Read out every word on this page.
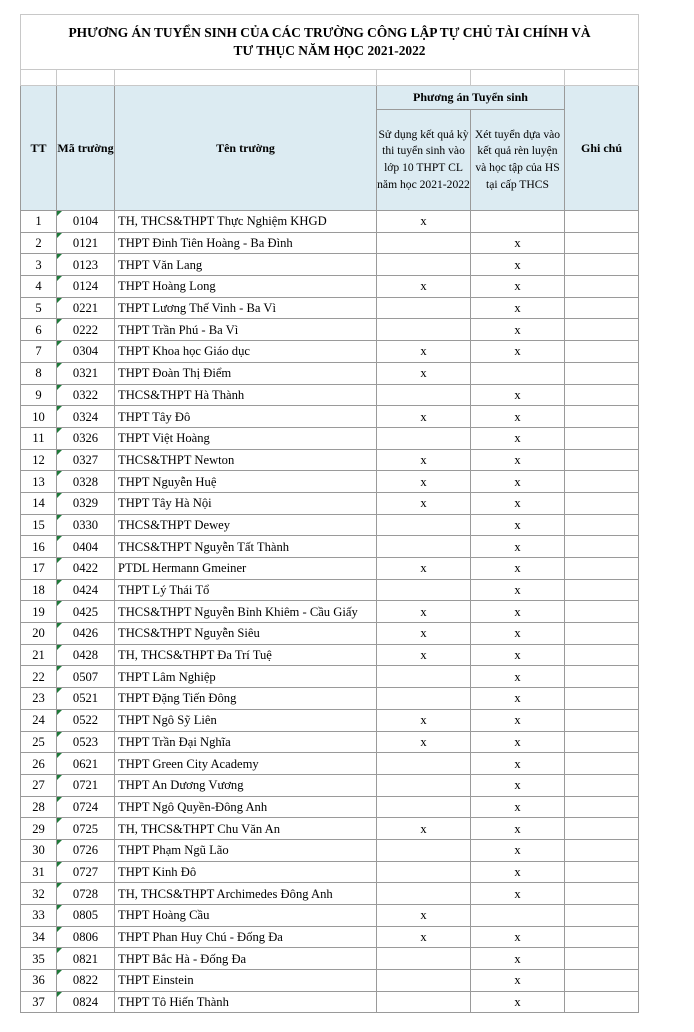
PHƯƠNG ÁN TUYỂN SINH CỦA CÁC TRƯỜNG CÔNG LẬP TỰ CHỦ TÀI CHÍNH VÀ
TƯ THỤC NĂM HỌC 2021-2022					

TT	Mã trường	Tên trường	Phương án Tuyển sinh		Ghi chú
			Sử dụng kết quả kỳ thi tuyển sinh vào lớp 10 THPT CL năm học 2021-2022	Xét tuyển dựa vào kết quả rèn luyện và học tập của HS tại cấp THCS	
1	0104	TH, THCS&THPT Thực Nghiệm KHGD	x		
2	0121	THPT Đinh Tiên Hoàng - Ba Đình		x	
3	0123	THPT Văn Lang		x	
4	0124	THPT Hoàng Long	x	x	
5	0221	THPT Lương Thế Vinh - Ba Vì		x	
6	0222	THPT Trần Phú - Ba Vì		x	
7	0304	THPT Khoa học Giáo dục	x	x	
8	0321	THPT Đoàn Thị Điểm	x		
9	0322	THCS&THPT Hà Thành		x	
10	0324	THPT Tây Đô	x	x	
11	0326	THPT Việt Hoàng		x	
12	0327	THCS&THPT Newton	x	x	
13	0328	THPT Nguyễn Huệ	x	x	
14	0329	THPT Tây Hà Nội	x	x	
15	0330	THCS&THPT Dewey		x	
16	0404	THCS&THPT Nguyễn Tất Thành		x	
17	0422	PTDL Hermann Gmeiner	x	x	
18	0424	THPT Lý Thái Tổ		x	
19	0425	THCS&THPT Nguyễn Bỉnh Khiêm - Cầu Giấy	x	x	
20	0426	THCS&THPT Nguyễn Siêu	x	x	
21	0428	TH, THCS&THPT Đa Trí Tuệ	x	x	
22	0507	THPT Lâm Nghiệp		x	
23	0521	THPT Đặng Tiến Đông		x	
24	0522	THPT Ngô Sỹ Liên	x	x	
25	0523	THPT Trần Đại Nghĩa	x	x	
26	0621	THPT Green City Academy		x	
27	0721	THPT An Dương Vương		x	
28	0724	THPT Ngô Quyền-Đông Anh		x	
29	0725	TH, THCS&THPT Chu Văn An	x	x	
30	0726	THPT Phạm Ngũ Lão		x	
31	0727	THPT Kinh Đô		x	
32	0728	TH, THCS&THPT Archimedes Đông Anh		x	
33	0805	THPT Hoàng Cầu	x		
34	0806	THPT Phan Huy Chú - Đống Đa	x	x	
35	0821	THPT Bắc Hà - Đống Đa		x	
36	0822	THPT Einstein		x	
37	0824	THPT Tô Hiến Thành		x	
